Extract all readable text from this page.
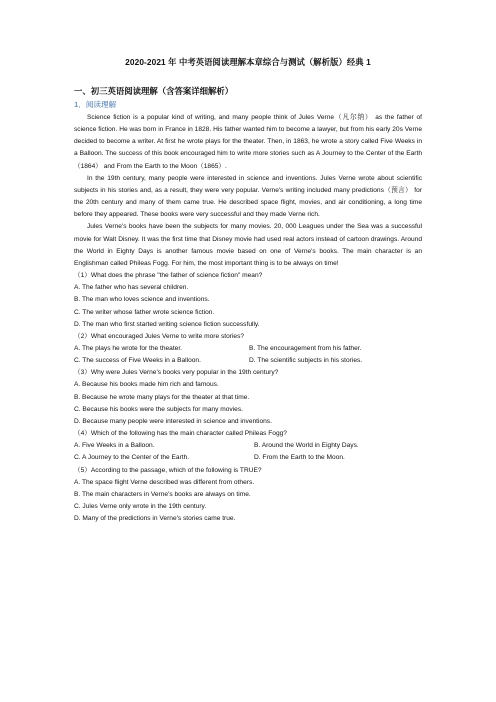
2020-2021 年 中考英语阅读理解本章综合与测试（解析版）经典 1
一、初三英语阅读理解（含答案详细解析）
1．阅读理解

Science fiction is a popular kind of writing, and many people think of Jules Verne（凡尔纳） as the father of science fiction. He was born in France in 1828. His father wanted him to become a lawyer, but from his early 20s Verne decided to become a writer. At first he wrote plays for the theater. Then, in 1863, he wrote a story called Five Weeks in a Balloon. The success of this book encouraged him to write more stories such as A Journey to the Center of the Earth（1864） and From the Earth to the Moon（1865）.

In the 19th century, many people were interested in science and inventions. Jules Verne wrote about scientific subjects in his stories and, as a result, they were very popular. Verne's writing included many predictions（预言） for the 20th century and many of them came true. He described space flight, movies, and air conditioning, a long time before they appeared. These books were very successful and they made Verne rich.

Jules Verne's books have been the subjects for many movies. 20, 000 Leagues under the Sea was a successful movie for Walt Disney. It was the first time that Disney movie had used real actors instead of cartoon drawings. Around the World in Eighty Days is another famous movie based on one of Verne's books. The main character is an Englishman called Phileas Fogg. For him, the most important thing is to be always on time!

（1）What does the phrase "the father of science fiction" mean?
A. The father who has several children.
B. The man who loves science and inventions.
C. The writer whose father wrote science fiction.
D. The man who first started writing science fiction successfully.
（2）What encouraged Jules Verne to write more stories?
A. The plays he wrote for the theater.	B. The encouragement from his father.
C. The success of Five Weeks in a Balloon.	D. The scientific subjects in his stories.
（3）Why were Jules Verne's books very popular in the 19th century?
A. Because his books made him rich and famous.
B. Because he wrote many plays for the theater at that time.
C. Because his books were the subjects for many movies.
D. Because many people were interested in science and inventions.
（4）Which of the following has the main character called Phileas Fogg?
A. Five Weeks in a Balloon.	B. Around the World in Eighty Days.
C. A Journey to the Center of the Earth.	D. From the Earth to the Moon.
（5）According to the passage, which of the following is TRUE?
A. The space flight Verne described was different from others.
B. The main characters in Verne's books are always on time.
C. Jules Verne only wrote in the 19th century.
D. Many of the predictions in Verne's stories came true.
